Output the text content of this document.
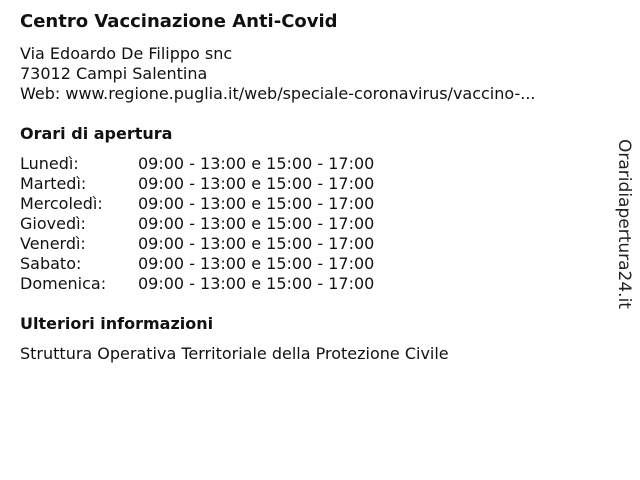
Centro Vaccinazione Anti-Covid
Via Edoardo De Filippo snc
73012 Campi Salentina
Web: www.regione.puglia.it/web/speciale-coronavirus/vaccino-...
Orari di apertura
Lunedì:	09:00 - 13:00 e 15:00 - 17:00
Martedì:	09:00 - 13:00 e 15:00 - 17:00
Mercoledì: 09:00 - 13:00 e 15:00 - 17:00
Giovedì:	09:00 - 13:00 e 15:00 - 17:00
Venerdì:	09:00 - 13:00 e 15:00 - 17:00
Sabato:	09:00 - 13:00 e 15:00 - 17:00
Domenica: 09:00 - 13:00 e 15:00 - 17:00
Ulteriori informazioni
Struttura Operativa Territoriale della Protezione Civile
Oraridiapertura24.it
